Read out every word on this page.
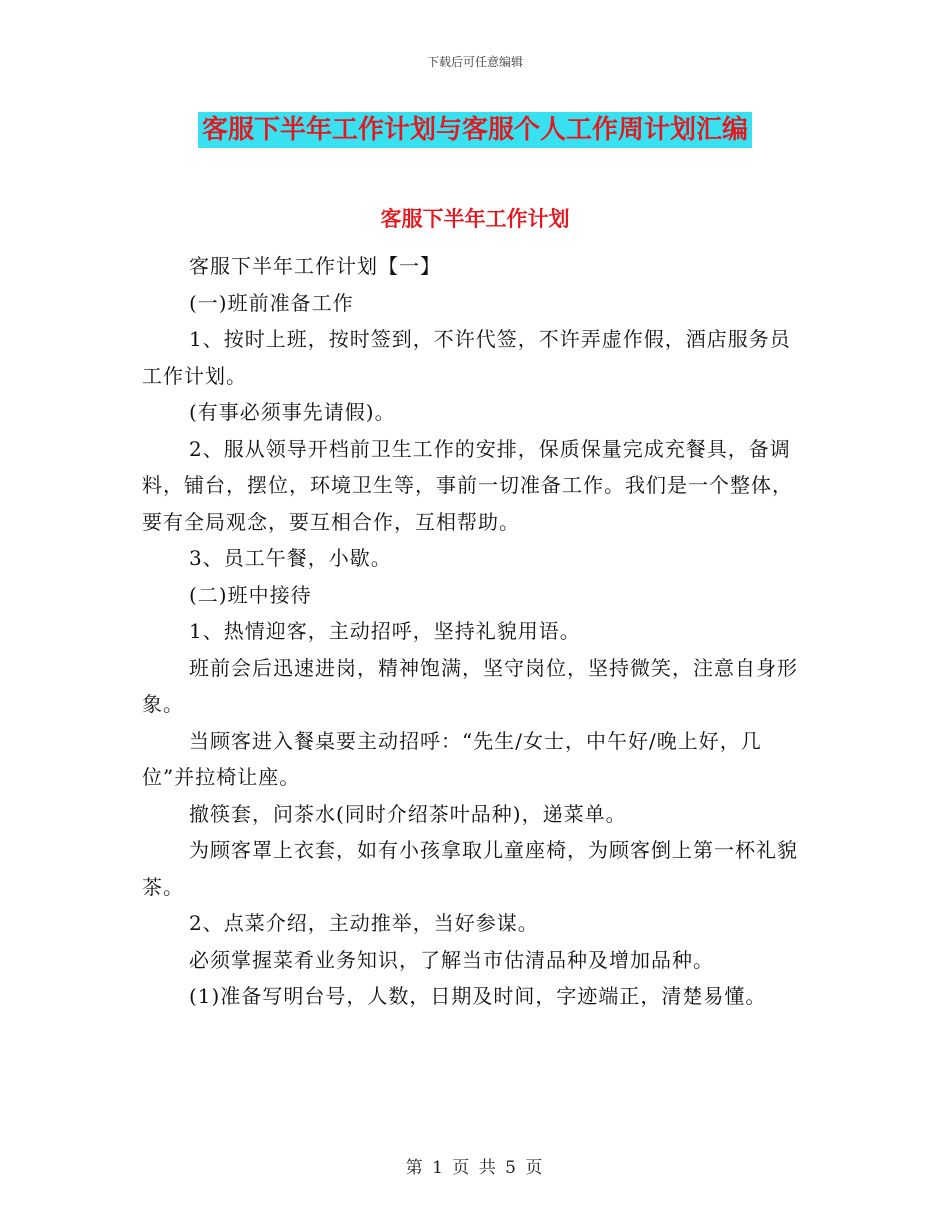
下载后可任意编辑
客服下半年工作计划与客服个人工作周计划汇编
客服下半年工作计划

客服下半年工作计划【一】

(一)班前准备工作

1、按时上班，按时签到，不许代签，不许弄虚作假，酒店服务员工作计划。

(有事必须事先请假)。

2、服从领导开档前卫生工作的安排，保质保量完成充餐具，备调料，铺台，摆位，环境卫生等，事前一切准备工作。我们是一个整体，要有全局观念，要互相合作，互相帮助。

3、员工午餐，小歇。

(二)班中接待

1、热情迎客，主动招呼，坚持礼貌用语。

班前会后迅速进岗，精神饱满，坚守岗位，坚持微笑，注意自身形象。

当顾客进入餐桌要主动招呼：“先生/女士，中午好/晚上好，几位”并拉椅让座。

撤筷套，问茶水(同时介绍茶叶品种)，递菜单。

为顾客罩上衣套，如有小孩拿取儿童座椅，为顾客倒上第一杯礼貌茶。

2、点菜介绍，主动推举，当好参谋。

必须掌握菜肴业务知识，了解当市估清品种及增加品种。

(1)准备写明台号，人数，日期及时间，字迹端正，清楚易懂。

第 1 页 共 5 页
